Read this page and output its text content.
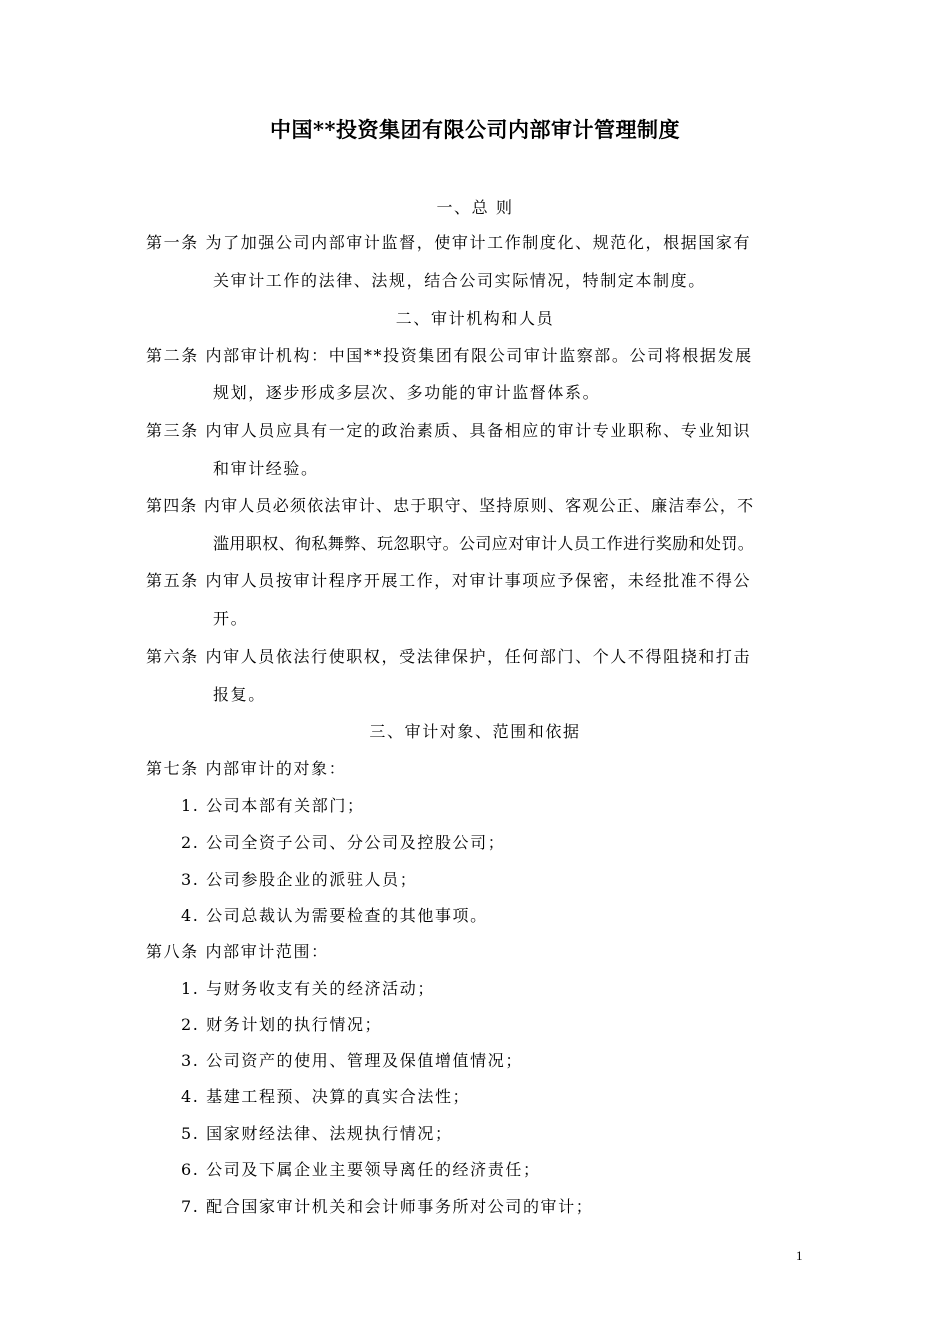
中国**投资集团有限公司内部审计管理制度
一、总 则
第一条 为了加强公司内部审计监督，使审计工作制度化、规范化，根据国家有
关审计工作的法律、法规，结合公司实际情况，特制定本制度。
二、审计机构和人员
第二条 内部审计机构：中国**投资集团有限公司审计监察部。公司将根据发展
规划，逐步形成多层次、多功能的审计监督体系。
第三条 内审人员应具有一定的政治素质、具备相应的审计专业职称、专业知识
和审计经验。
第四条 内审人员必须依法审计、忠于职守、坚持原则、客观公正、廉洁奉公，不
滥用职权、徇私舞弊、玩忽职守。公司应对审计人员工作进行奖励和处罚。
第五条 内审人员按审计程序开展工作，对审计事项应予保密，未经批准不得公
开。
第六条 内审人员依法行使职权，受法律保护，任何部门、个人不得阻挠和打击
报复。
三、审计对象、范围和依据
第七条 内部审计的对象：
1. 公司本部有关部门；
2. 公司全资子公司、分公司及控股公司；
3. 公司参股企业的派驻人员；
4. 公司总裁认为需要检查的其他事项。
第八条 内部审计范围：
1. 与财务收支有关的经济活动；
2. 财务计划的执行情况；
3. 公司资产的使用、管理及保值增值情况；
4. 基建工程预、决算的真实合法性；
5. 国家财经法律、法规执行情况；
6. 公司及下属企业主要领导离任的经济责任；
7. 配合国家审计机关和会计师事务所对公司的审计；
1
